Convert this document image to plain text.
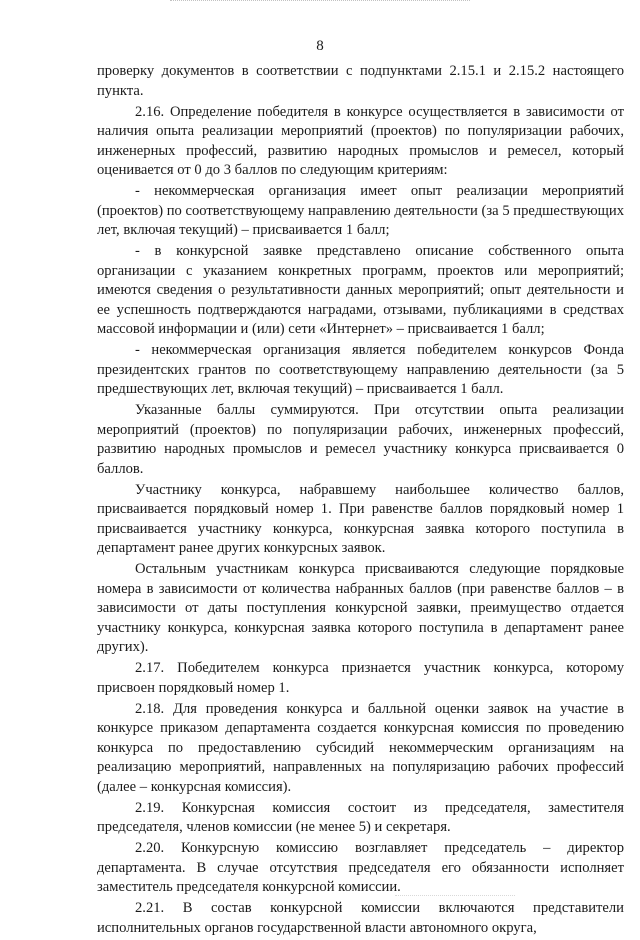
8

проверку документов в соответствии с подпунктами 2.15.1 и 2.15.2 настоящего пункта.

2.16. Определение победителя в конкурсе осуществляется в зависимости от наличия опыта реализации мероприятий (проектов) по популяризации рабочих, инженерных профессий, развитию народных промыслов и ремесел, который оценивается от 0 до 3 баллов по следующим критериям:

- некоммерческая организация имеет опыт реализации мероприятий (проектов) по соответствующему направлению деятельности (за 5 предшествующих лет, включая текущий) – присваивается 1 балл;

- в конкурсной заявке представлено описание собственного опыта организации с указанием конкретных программ, проектов или мероприятий; имеются сведения о результативности данных мероприятий; опыт деятельности и ее успешность подтверждаются наградами, отзывами, публикациями в средствах массовой информации и (или) сети «Интернет» – присваивается 1 балл;

- некоммерческая организация является победителем конкурсов Фонда президентских грантов по соответствующему направлению деятельности (за 5 предшествующих лет, включая текущий) – присваивается 1 балл.

Указанные баллы суммируются. При отсутствии опыта реализации мероприятий (проектов) по популяризации рабочих, инженерных профессий, развитию народных промыслов и ремесел участнику конкурса присваивается 0 баллов.

Участнику конкурса, набравшему наибольшее количество баллов, присваивается порядковый номер 1. При равенстве баллов порядковый номер 1 присваивается участнику конкурса, конкурсная заявка которого поступила в департамент ранее других конкурсных заявок.

Остальным участникам конкурса присваиваются следующие порядковые номера в зависимости от количества набранных баллов (при равенстве баллов – в зависимости от даты поступления конкурсной заявки, преимущество отдается участнику конкурса, конкурсная заявка которого поступила в департамент ранее других).

2.17. Победителем конкурса признается участник конкурса, которому присвоен порядковый номер 1.

2.18. Для проведения конкурса и балльной оценки заявок на участие в конкурсе приказом департамента создается конкурсная комиссия по проведению конкурса по предоставлению субсидий некоммерческим организациям на реализацию мероприятий, направленных на популяризацию рабочих профессий (далее – конкурсная комиссия).

2.19. Конкурсная комиссия состоит из председателя, заместителя председателя, членов комиссии (не менее 5) и секретаря.

2.20. Конкурсную комиссию возглавляет председатель – директор департамента. В случае отсутствия председателя его обязанности исполняет заместитель председателя конкурсной комиссии.

2.21. В состав конкурсной комиссии включаются представители исполнительных органов государственной власти автономного округа,
